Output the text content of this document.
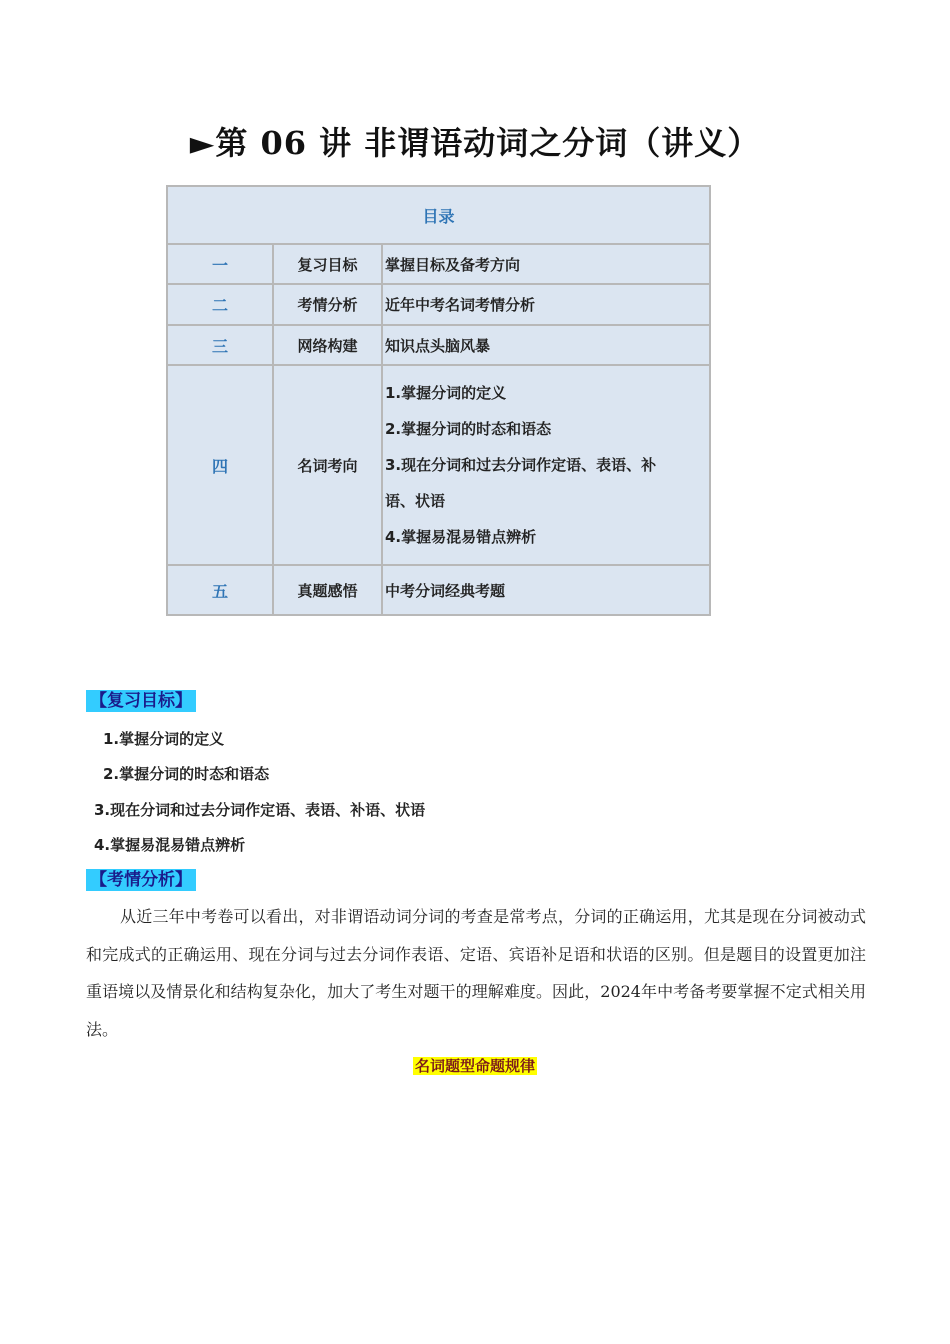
►第 06 讲 非谓语动词之分词（讲义）
目录		
一	复习目标	掌握目标及备考方向
二	考情分析	近年中考名词考情分析
三	网络构建	知识点头脑风暴
四	名词考向	1.掌握分词的定义

2.掌握分词的时态和语态

3.现在分词和过去分词作定语、表语、补

语、状语

4.掌握易混易错点辨析

五	真题感悟	中考分词经典考题
【复习目标】
1.掌握分词的定义
2.掌握分词的时态和语态
3.现在分词和过去分词作定语、表语、补语、状语
4.掌握易混易错点辨析
【考情分析】
从近三年中考卷可以看出，对非谓语动词分词的考查是常考点，分词的正确运用，尤其是现在分词被动式和完成式的正确运用、现在分词与过去分词作表语、定语、宾语补足语和状语的区别。但是题目的设置更加注重语境以及情景化和结构复杂化，加大了考生对题干的理解难度。因此，2024年中考备考要掌握不定式相关用法。
名词题型命题规律
